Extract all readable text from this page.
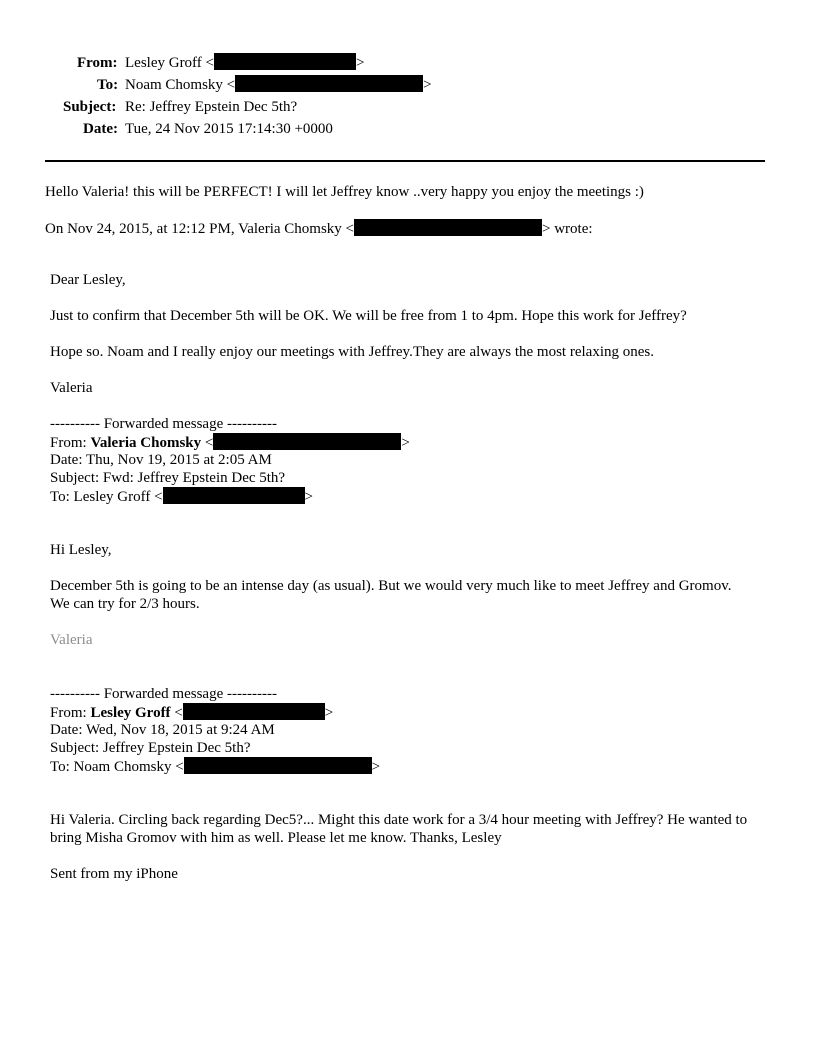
From: Lesley Groff <	>
To: Noam Chomsky <	>
Subject: Re: Jeffrey Epstein Dec 5th?
Date: Tue, 24 Nov 2015 17:14:30 +0000
Hello Valeria! this will be PERFECT! I will let Jeffrey know ..very happy you enjoy the meetings :)
On Nov 24, 2015, at 12:12 PM, Valeria Chomsky <	> wrote:
Dear Lesley,
Just to confirm that December 5th will be OK. We will be free from 1 to 4pm. Hope this work for Jeffrey?
Hope so. Noam and I really enjoy our meetings with Jeffrey.They are always the most relaxing ones.
Valeria
---------- Forwarded message ----------
From: Valeria Chomsky <	>
Date: Thu, Nov 19, 2015 at 2:05 AM
Subject: Fwd: Jeffrey Epstein Dec 5th?
To: Lesley Groff <	>
Hi Lesley,
December 5th is going to be an intense day (as usual). But we would very much like to meet Jeffrey and Gromov. We can try for 2/3 hours.
Valeria
---------- Forwarded message ----------
From: Lesley Groff <	>
Date: Wed, Nov 18, 2015 at 9:24 AM
Subject: Jeffrey Epstein Dec 5th?
To: Noam Chomsky <	>
Hi Valeria. Circling back regarding Dec5?... Might this date work for a 3/4 hour meeting with Jeffrey? He wanted to bring Misha Gromov with him as well. Please let me know. Thanks, Lesley
Sent from my iPhone
